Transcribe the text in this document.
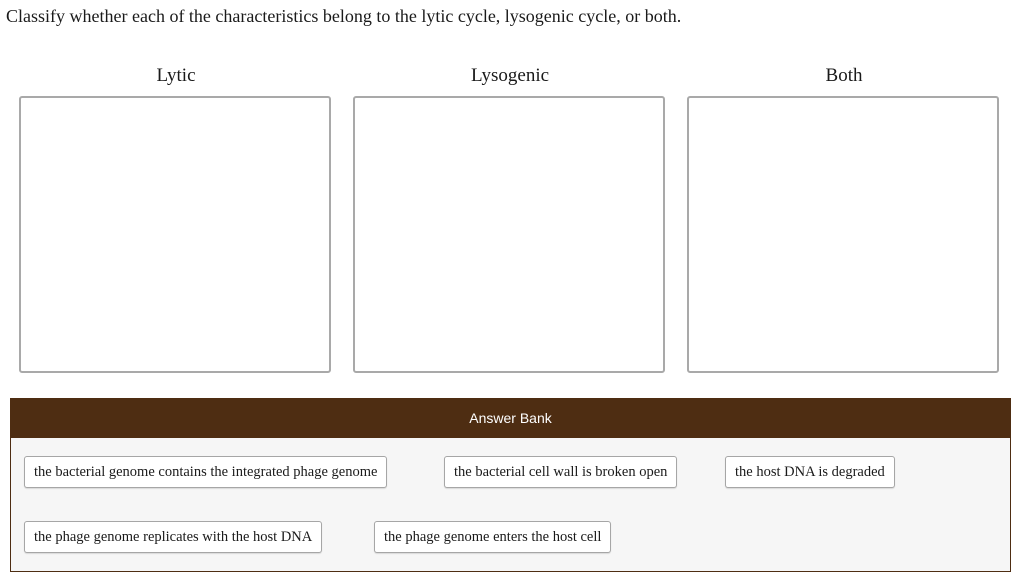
Classify whether each of the characteristics belong to the lytic cycle, lysogenic cycle, or both.
Lytic	Lysogenic	Both
Answer Bank
the bacterial genome contains the integrated phage genome	the bacterial cell wall is broken open	the host DNA is degraded
the phage genome replicates with the host DNA	the phage genome enters the host cell
